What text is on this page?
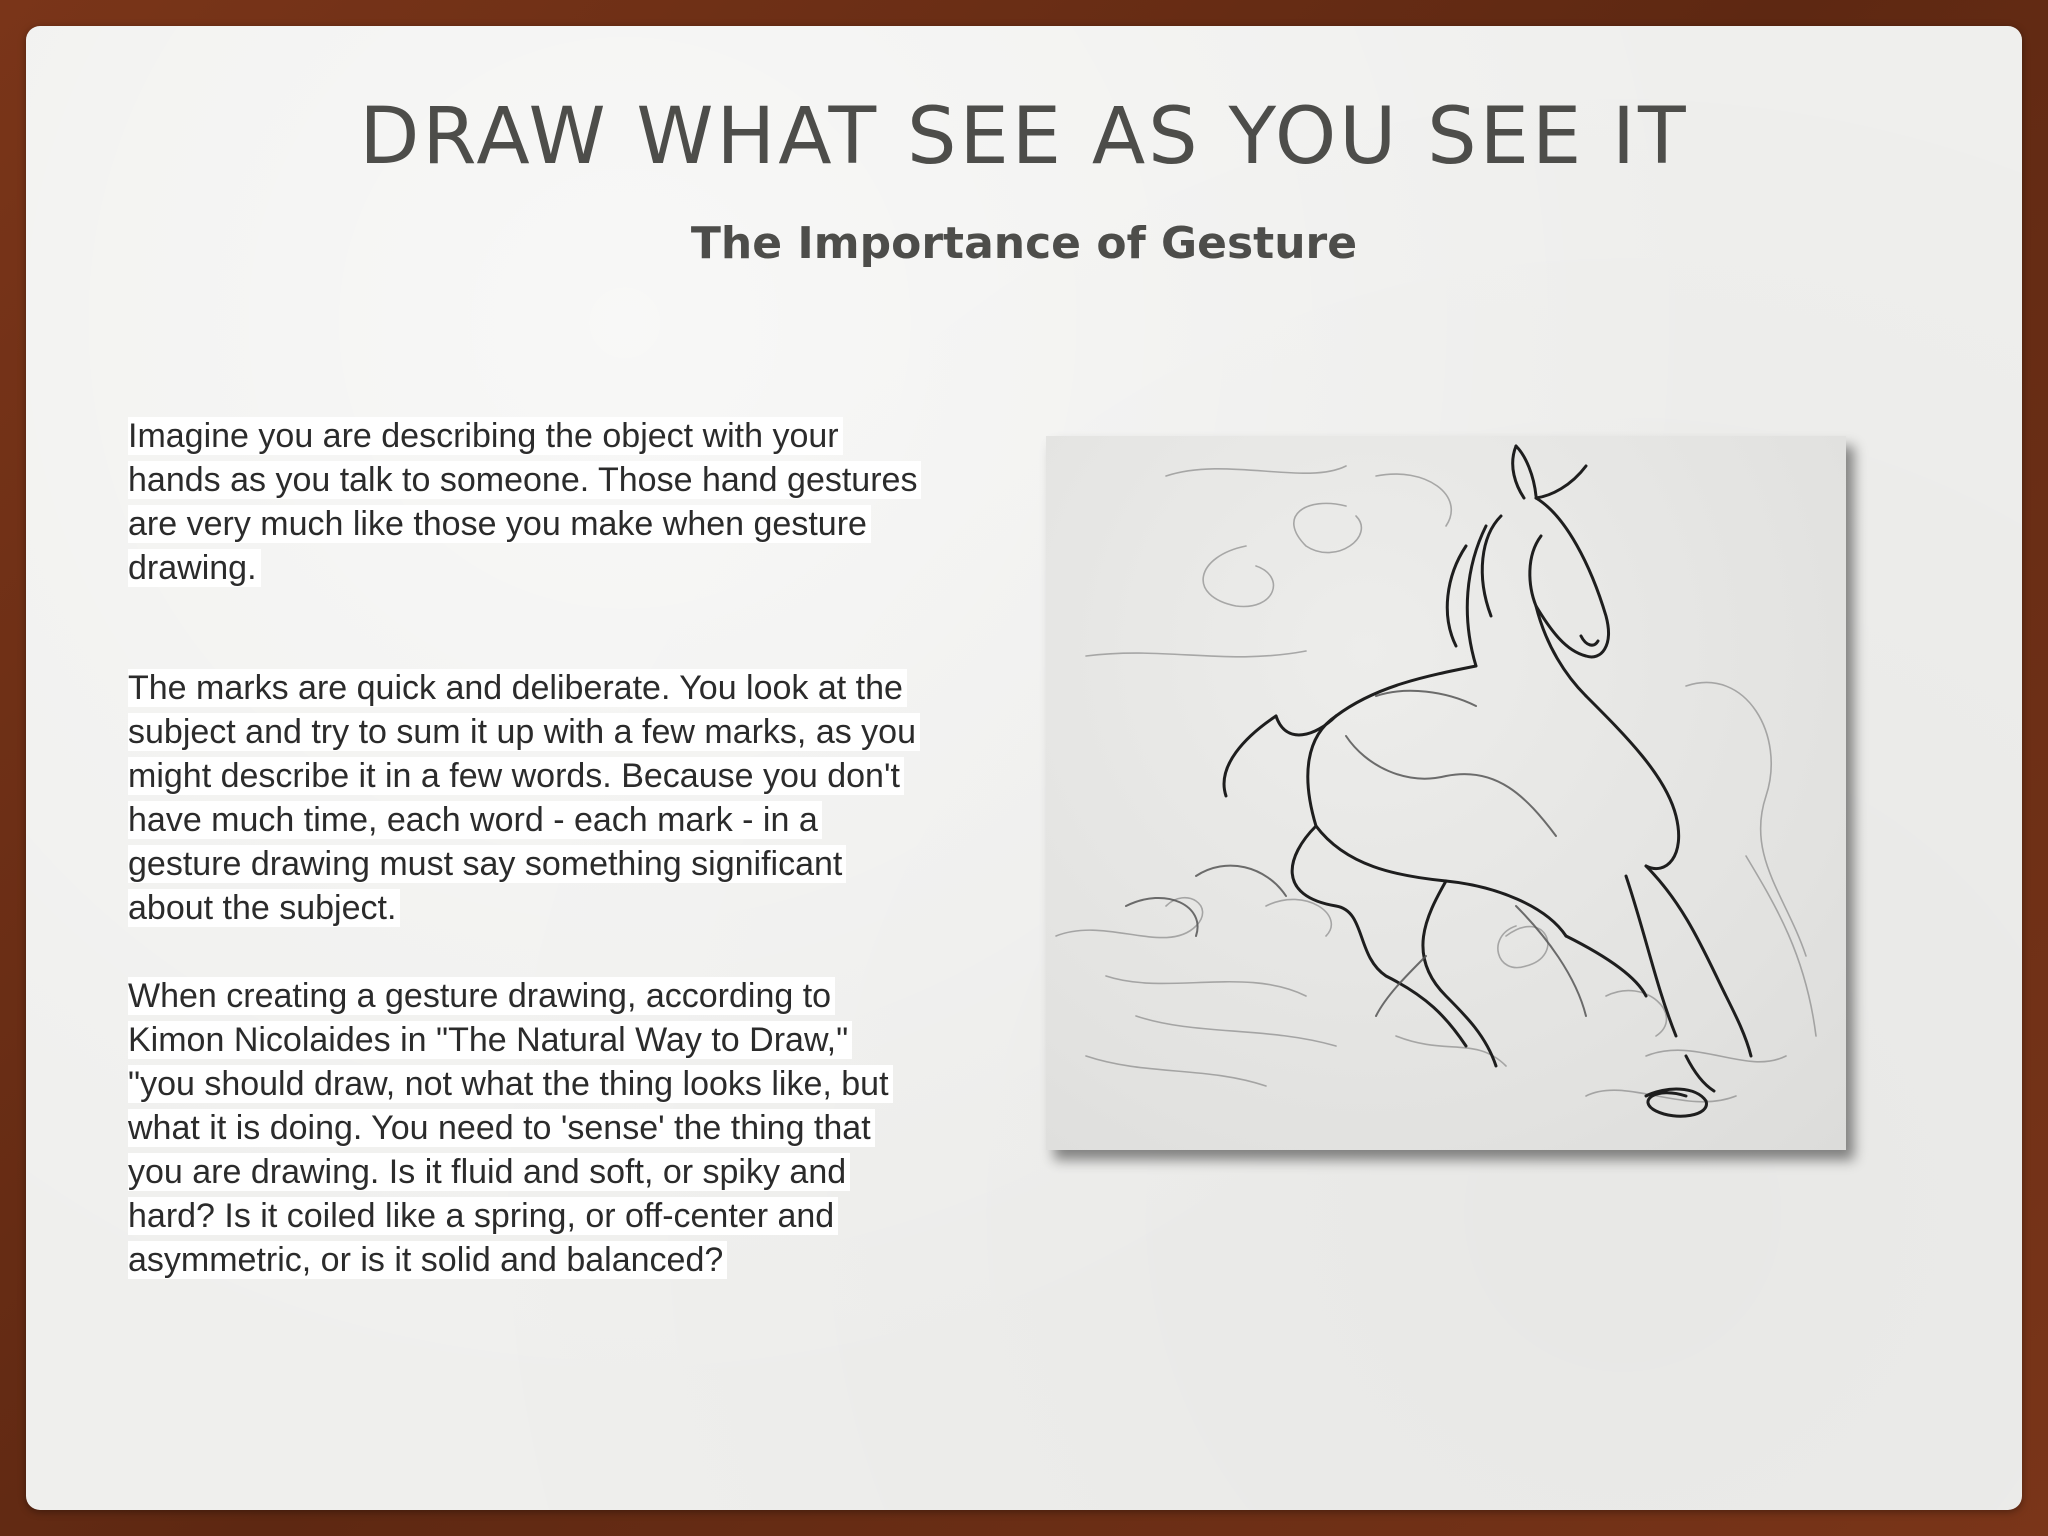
DRAW WHAT SEE AS YOU SEE IT
The Importance of Gesture

Imagine you are describing the object with your hands as you talk to someone. Those hand gestures are very much like those you make when gesture drawing.

The marks are quick and deliberate. You look at the subject and try to sum it up with a few marks, as you might describe it in a few words. Because you don't have much time, each word - each mark - in a gesture drawing must say something significant about the subject.

When creating a gesture drawing, according to Kimon Nicolaides in "The Natural Way to Draw," "you should draw, not what the thing looks like, but what it is doing. You need to 'sense' the thing that you are drawing. Is it fluid and soft, or spiky and hard? Is it coiled like a spring, or off-center and asymmetric, or is it solid and balanced?
